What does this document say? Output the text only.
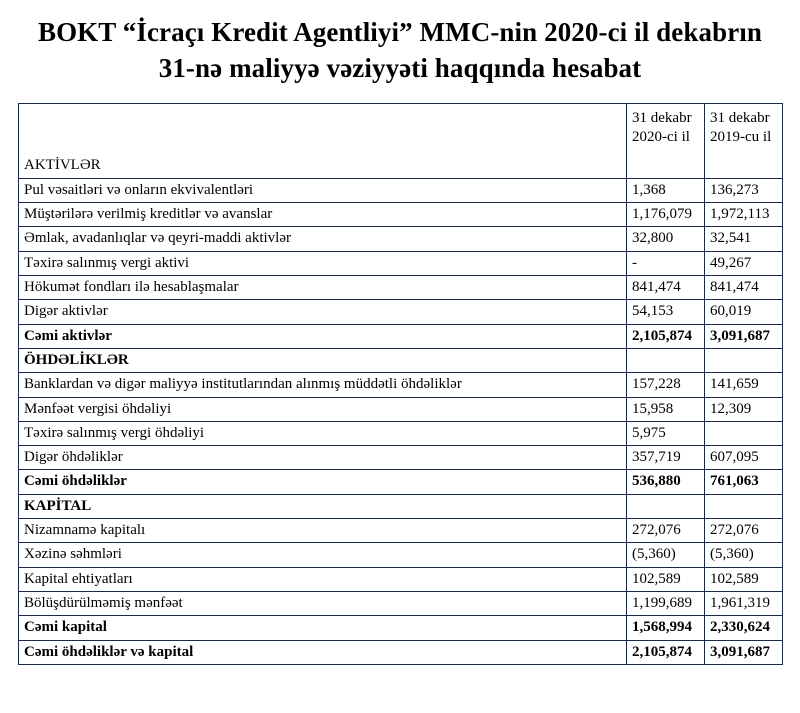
BOKT “İcraçı Kredit Agentliyi” MMC-nin 2020-ci il dekabrın 31-nə maliyyə vəziyyəti haqqında hesabat
AKTİVLƏR	31 dekabr 2020-ci il	31 dekabr 2019-cu il
Pul vəsaitləri və onların ekvivalentləri	1,368	136,273
Müştərilərə verilmiş kreditlər və avanslar	1,176,079	1,972,113
Əmlak, avadanlıqlar və qeyri-maddi aktivlər	32,800	32,541
Təxirə salınmış vergi aktivi	-	49,267
Hökumət fondları ilə hesablaşmalar	841,474	841,474
Digər aktivlər	54,153	60,019
Cəmi aktivlər	2,105,874	3,091,687
ÖHDƏLİKLƏR		
Banklardan və digər maliyyə institutlarından alınmış müddətli öhdəliklər	157,228	141,659
Mənfəət vergisi öhdəliyi	15,958	12,309
Təxirə salınmış vergi öhdəliyi	5,975	
Digər öhdəliklər	357,719	607,095
Cəmi öhdəliklər	536,880	761,063
KAPİTAL		
Nizamnamə kapitalı	272,076	272,076
Xəzinə səhmləri	(5,360)	(5,360)
Kapital ehtiyatları	102,589	102,589
Bölüşdürülməmiş mənfəət	1,199,689	1,961,319
Cəmi kapital	1,568,994	2,330,624
Cəmi öhdəliklər və kapital	2,105,874	3,091,687
